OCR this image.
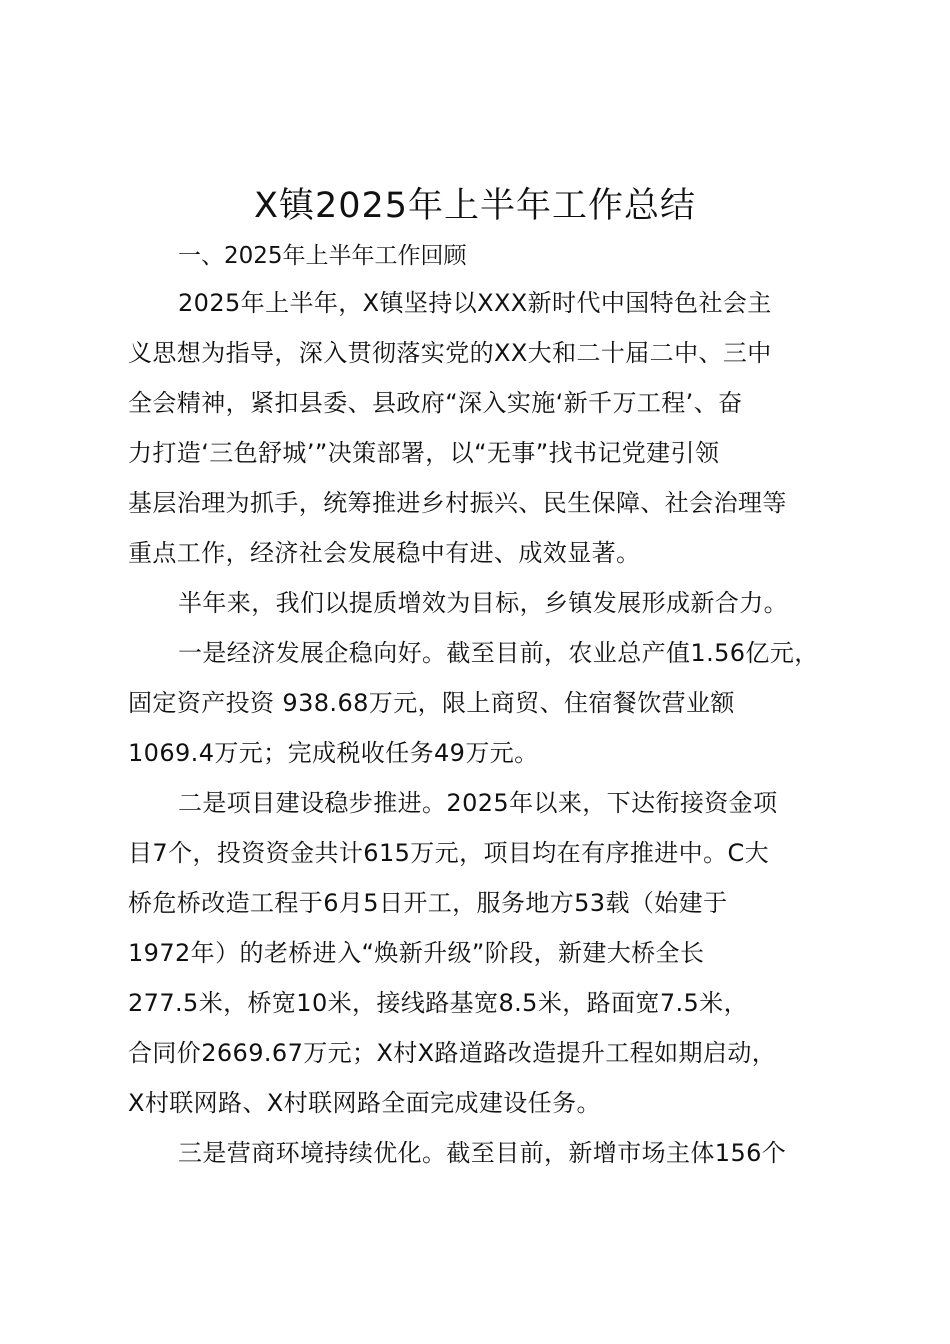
X镇2025年上半年工作总结

一、2025年上半年工作回顾

2025年上半年，X镇坚持以XXX新时代中国特色社会主

义思想为指导，深入贯彻落实党的XX大和二十届二中、三中

全会精神，紧扣县委、县政府“深入实施‘新千万工程’、奋

力打造‘三色舒城’”决策部署，以“无事”找书记党建引领

基层治理为抓手，统筹推进乡村振兴、民生保障、社会治理等

重点工作，经济社会发展稳中有进、成效显著。

半年来，我们以提质增效为目标，乡镇发展形成新合力。

一是经济发展企稳向好。截至目前，农业总产值1.56亿元，

固定资产投资 938.68万元，限上商贸、住宿餐饮营业额

1069.4万元；完成税收任务49万元。

二是项目建设稳步推进。2025年以来，下达衔接资金项

目7个，投资资金共计615万元，项目均在有序推进中。C大

桥危桥改造工程于6月5日开工，服务地方53载（始建于

1972年）的老桥进入“焕新升级”阶段，新建大桥全长

277.5米，桥宽10米，接线路基宽8.5米，路面宽7.5米，

合同价2669.67万元；X村X路道路改造提升工程如期启动，

X村联网路、X村联网路全面完成建设任务。

三是营商环境持续优化。截至目前，新增市场主体156个
